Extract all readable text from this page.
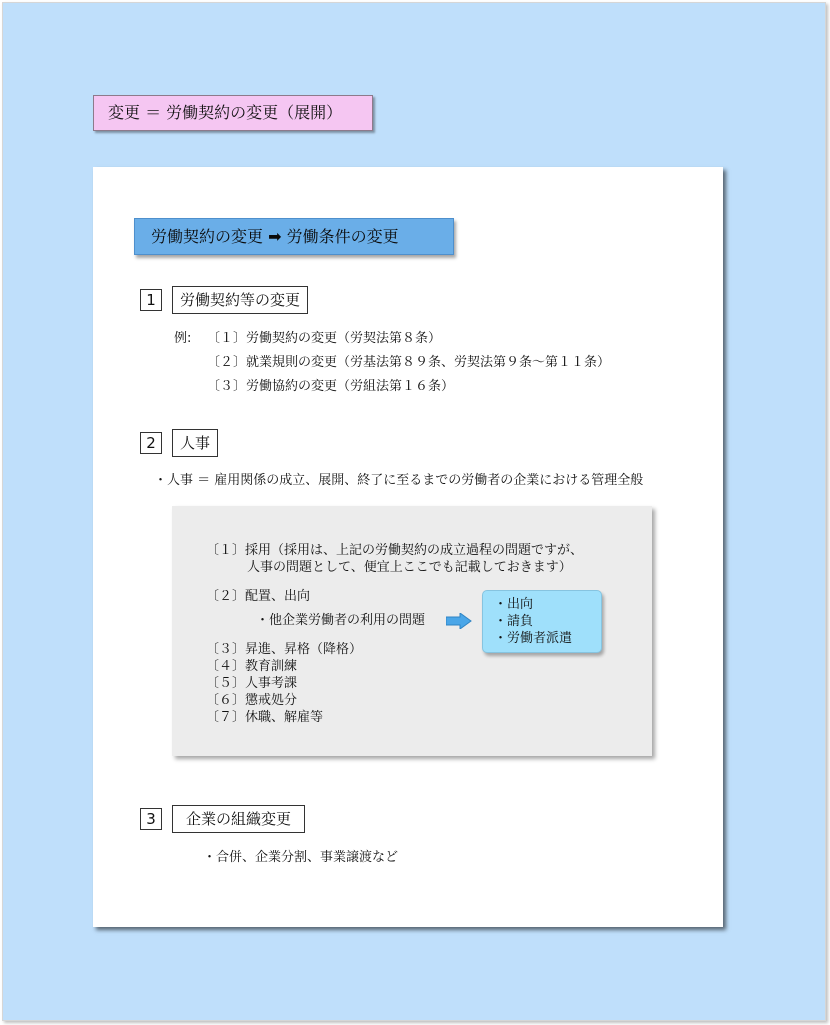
変更 ＝ 労働契約の変更（展開）
労働契約の変更 ➡ 労働条件の変更
1	労働契約等の変更
例: 〔１〕労働契約の変更（労契法第８条）
〔２〕就業規則の変更（労基法第８９条、労契法第９条〜第１１条）
〔３〕労働協約の変更（労組法第１６条）
2	人事
・人事 ＝ 雇用関係の成立、展開、終了に至るまでの労働者の企業における管理全般
〔１〕採用（採用は、上記の労働契約の成立過程の問題ですが、
人事の問題として、便宜上ここでも記載しておきます）
〔２〕配置、出向
・他企業労働者の利用の問題
・出向
・請負
・労働者派遣
〔３〕昇進、昇格（降格）
〔４〕教育訓練
〔５〕人事考課
〔６〕懲戒処分
〔７〕休職、解雇等
3	企業の組織変更
・合併、企業分割、事業譲渡など
